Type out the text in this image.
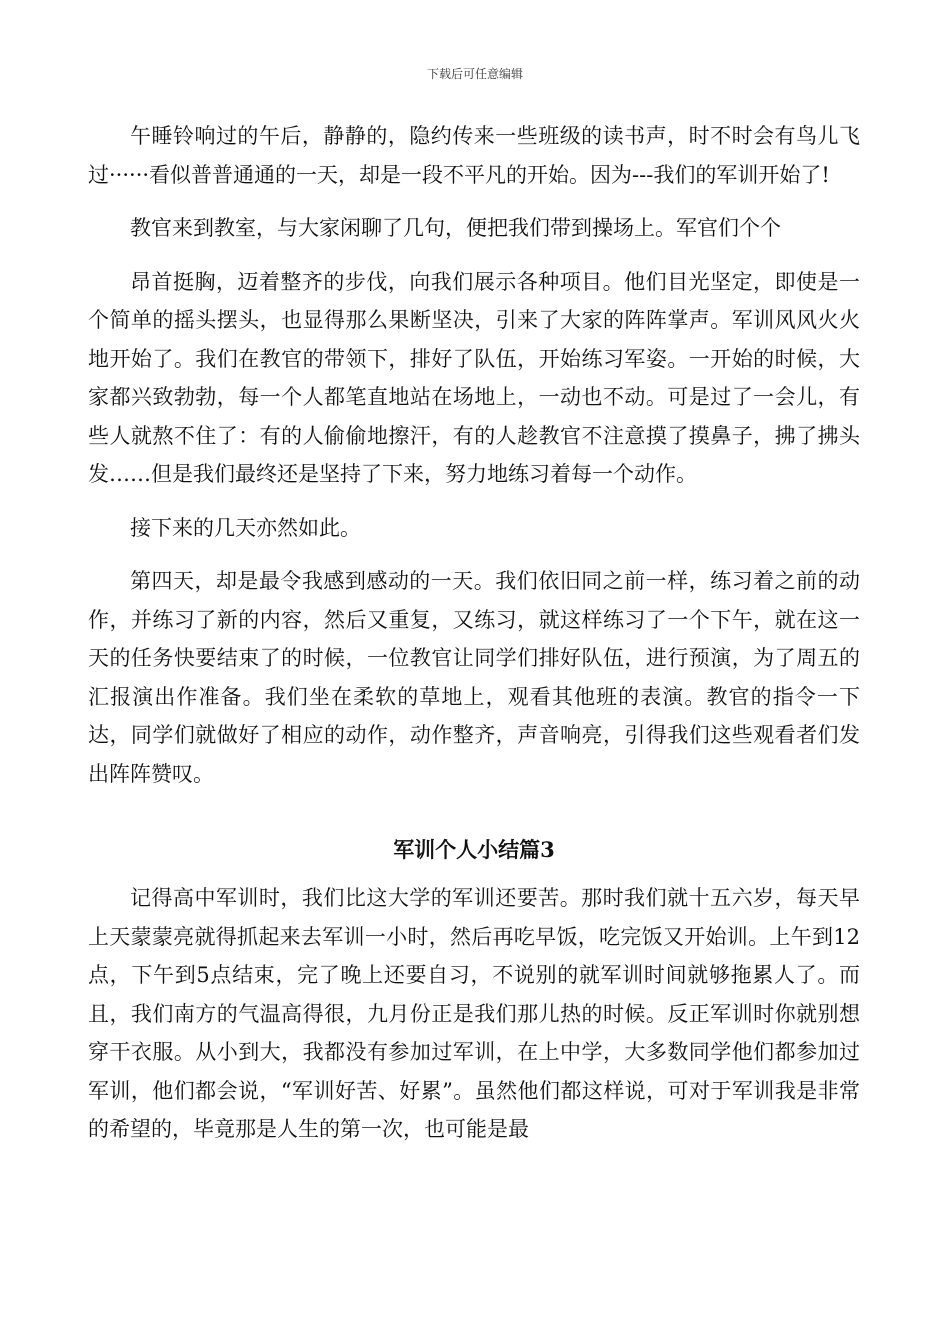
下载后可任意编辑

午睡铃响过的午后，静静的，隐约传来一些班级的读书声，时不时会有鸟儿飞过······看似普普通通的一天，却是一段不平凡的开始。因为---我们的军训开始了!

教官来到教室，与大家闲聊了几句，便把我们带到操场上。军官们个个

昂首挺胸，迈着整齐的步伐，向我们展示各种项目。他们目光坚定，即使是一个简单的摇头摆头，也显得那么果断坚决，引来了大家的阵阵掌声。军训风风火火地开始了。我们在教官的带领下，排好了队伍，开始练习军姿。一开始的时候，大家都兴致勃勃，每一个人都笔直地站在场地上，一动也不动。可是过了一会儿，有些人就熬不住了：有的人偷偷地擦汗，有的人趁教官不注意摸了摸鼻子，拂了拂头发……但是我们最终还是坚持了下来，努力地练习着每一个动作。

接下来的几天亦然如此。

第四天，却是最令我感到感动的一天。我们依旧同之前一样，练习着之前的动作，并练习了新的内容，然后又重复，又练习，就这样练习了一个下午，就在这一天的任务快要结束了的时候，一位教官让同学们排好队伍，进行预演，为了周五的汇报演出作准备。我们坐在柔软的草地上，观看其他班的表演。教官的指令一下达，同学们就做好了相应的动作，动作整齐，声音响亮，引得我们这些观看者们发出阵阵赞叹。

军训个人小结篇3

记得高中军训时，我们比这大学的军训还要苦。那时我们就十五六岁，每天早上天蒙蒙亮就得抓起来去军训一小时，然后再吃早饭，吃完饭又开始训。上午到12点，下午到5点结束，完了晚上还要自习，不说别的就军训时间就够拖累人了。而且，我们南方的气温高得很，九月份正是我们那儿热的时候。反正军训时你就别想穿干衣服。从小到大，我都没有参加过军训，在上中学，大多数同学他们都参加过军训，他们都会说，“军训好苦、好累”。虽然他们都这样说，可对于军训我是非常的希望的，毕竟那是人生的第一次，也可能是最
